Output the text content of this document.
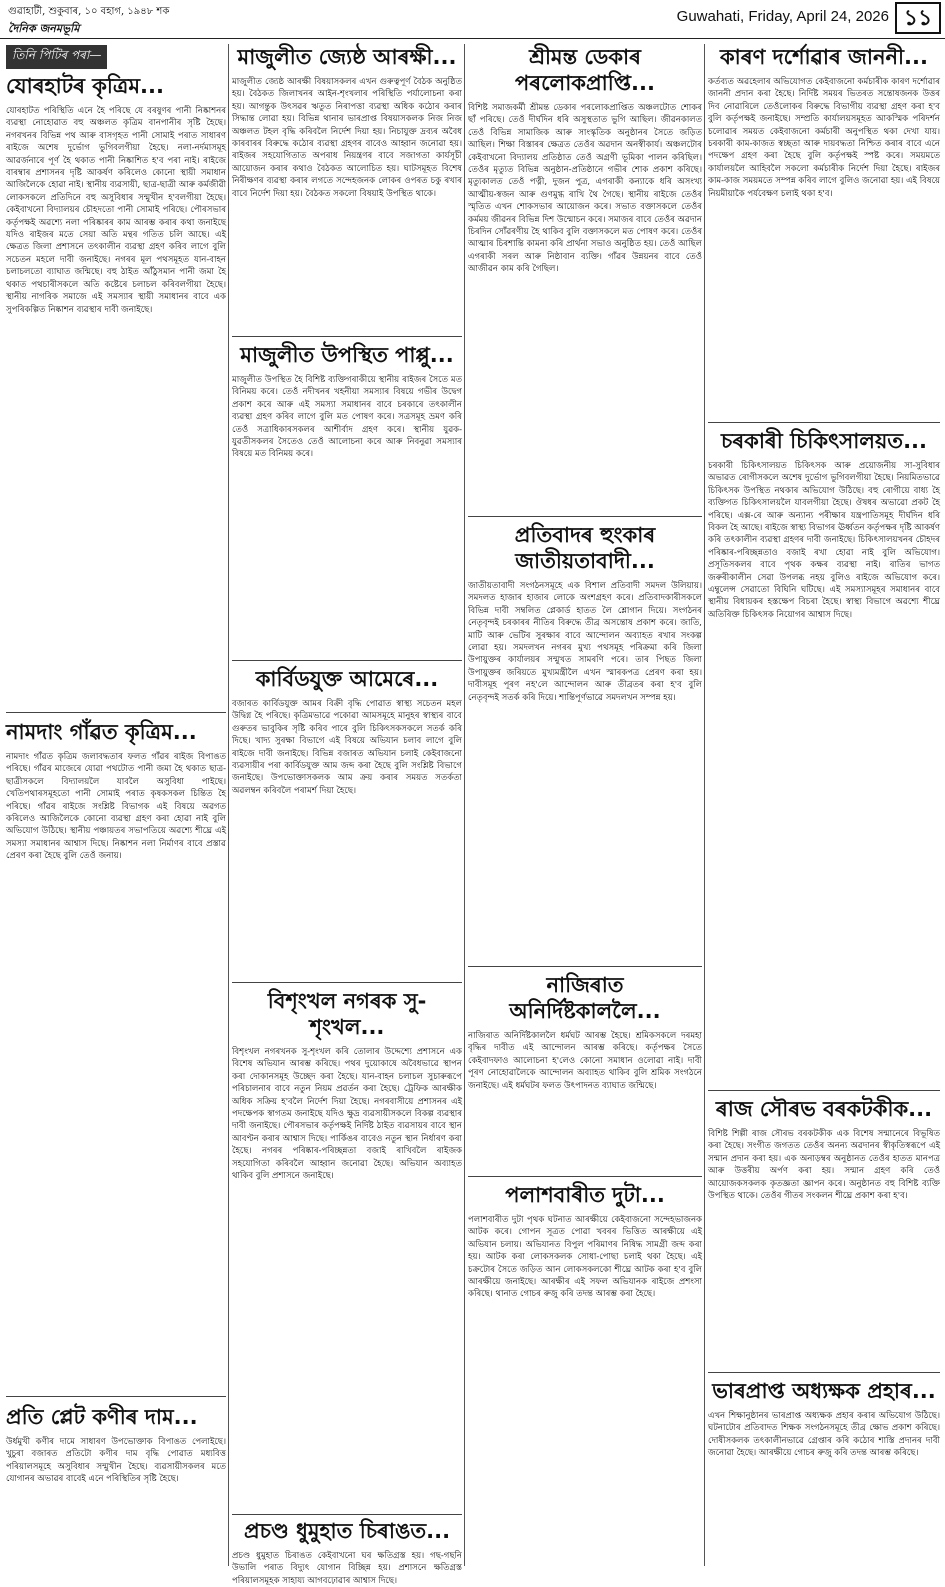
গুৱাহাটী, শুকুবাৰ, ১০ বহাগ, ১৯৪৮ শক
দৈনিক জনমভূমি
Guwahati, Friday, April 24, 2026 ১১
তিনি পিটিৰ পৰা—
যোৰহাটৰ কৃত্ৰিম...
যোৰহাটত পৰিস্থিতি এনে হৈ পৰিছে যে বৰষুণৰ পানী নিষ্কাশনৰ ব্যৱস্থা নোহোৱাত বহু অঞ্চলত কৃত্ৰিম বানপানীৰ সৃষ্টি হৈছে। নগৰখনৰ বিভিন্ন পথ আৰু বাসগৃহত পানী সোমাই পৰাত সাধাৰণ ৰাইজে অশেষ দুৰ্ভোগ ভুগিবলগীয়া হৈছে। নলা-নৰ্দমাসমূহ আৱৰ্জনাৰে পূৰ্ণ হৈ থকাত পানী নিষ্কাশিত হ'ব পৰা নাই। ৰাইজে বাৰম্বাৰ প্ৰশাসনৰ দৃষ্টি আকৰ্ষণ কৰিলেও কোনো স্থায়ী সমাধান আজিলৈকে হোৱা নাই। স্থানীয় ব্যৱসায়ী, ছাত্ৰ-ছাত্ৰী আৰু কৰ্মজীৱী লোকসকলে প্ৰতিদিনে বহু অসুবিধাৰ সন্মুখীন হ'বলগীয়া হৈছে। কেইবাখনো বিদ্যালয়ৰ চৌহদতো পানী সোমাই পৰিছে। পৌৰসভাৰ কৰ্তৃপক্ষই অৱশ্যে নলা পৰিষ্কাৰৰ কাম আৰম্ভ কৰাৰ কথা জনাইছে যদিও ৰাইজৰ মতে সেয়া অতি মন্থৰ গতিত চলি আছে। এই ক্ষেত্ৰত জিলা প্ৰশাসনে তৎকালীন ব্যৱস্থা গ্ৰহণ কৰিব লাগে বুলি সচেতন মহলে দাবী জনাইছে। নগৰৰ মূল পথসমূহত যান-বাহন চলাচলতো ব্যাঘাত জন্মিছে। বহু ঠাইত আঁঠুসমান পানী জমা হৈ থকাত পথচাৰীসকলে অতি কষ্টেৰে চলাচল কৰিবলগীয়া হৈছে। স্থানীয় নাগৰিক সমাজে এই সমস্যাৰ স্থায়ী সমাধানৰ বাবে এক সুপৰিকল্পিত নিষ্কাশন ব্যৱস্থাৰ দাবী জনাইছে।
নামদাং গাঁৱত কৃত্ৰিম...
নামদাং গাঁৱত কৃত্ৰিম জলাবদ্ধতাৰ ফলত গাঁৱৰ ৰাইজ বিপাঙত পৰিছে। গাঁৱৰ মাজেৰে যোৱা পথটোত পানী জমা হৈ থকাত ছাত্ৰ-ছাত্ৰীসকলে বিদ্যালয়লৈ যাবলৈ অসুবিধা পাইছে। খেতিপথাৰসমূহতো পানী সোমাই পৰাত কৃষকসকল চিন্তিত হৈ পৰিছে। গাঁৱৰ ৰাইজে সংশ্লিষ্ট বিভাগক এই বিষয়ে অৱগত কৰিলেও আজিলৈকে কোনো ব্যৱস্থা গ্ৰহণ কৰা হোৱা নাই বুলি অভিযোগ উঠিছে। স্থানীয় পঞ্চায়তৰ সভাপতিয়ে অৱশ্যে শীঘ্ৰে এই সমস্যা সমাধানৰ আশ্বাস দিছে। নিষ্কাশন নলা নিৰ্মাণৰ বাবে প্ৰস্তাৱ প্ৰেৰণ কৰা হৈছে বুলি তেওঁ জনায়।
প্ৰতি প্লেট কণীৰ দাম...
উৰ্ধমুখী কণীৰ দামে সাধাৰণ উপভোক্তাক বিপাঙত পেলাইছে। খুচুৰা বজাৰত প্ৰতিটো কণীৰ দাম বৃদ্ধি পোৱাত মধ্যবিত্ত পৰিয়ালসমূহে অসুবিধাৰ সন্মুখীন হৈছে। ব্যৱসায়ীসকলৰ মতে যোগানৰ অভাৱৰ বাবেই এনে পৰিস্থিতিৰ সৃষ্টি হৈছে।
মাজুলীত জ্যেষ্ঠ আৰক্ষী...
মাজুলীত জ্যেষ্ঠ আৰক্ষী বিষয়াসকলৰ এখন গুৰুত্বপূৰ্ণ বৈঠক অনুষ্ঠিত হয়। বৈঠকত জিলাখনৰ আইন-শৃংখলাৰ পৰিস্থিতি পৰ্যালোচনা কৰা হয়। আগন্তুক উৎসৱৰ ঋতুত নিৰাপত্তা ব্যৱস্থা অধিক কঠোৰ কৰাৰ সিদ্ধান্ত লোৱা হয়। বিভিন্ন থানাৰ ভাৰপ্ৰাপ্ত বিষয়াসকলক নিজ নিজ অঞ্চলত টহল বৃদ্ধি কৰিবলৈ নিৰ্দেশ দিয়া হয়। নিচাযুক্ত দ্ৰব্যৰ অবৈধ কাৰবাৰৰ বিৰুদ্ধে কঠোৰ ব্যৱস্থা গ্ৰহণৰ বাবেও আহ্বান জনোৱা হয়। ৰাইজৰ সহযোগিতাত অপৰাধ নিয়ন্ত্ৰণৰ বাবে সজাগতা কাৰ্যসূচী আয়োজন কৰাৰ কথাও বৈঠকত আলোচিত হয়। ঘাটসমূহত বিশেষ নিৰীক্ষণৰ ব্যৱস্থা কৰাৰ লগতে সন্দেহজনক লোকৰ ওপৰত চকু ৰখাৰ বাবে নিৰ্দেশ দিয়া হয়। বৈঠকত সকলো বিষয়াই উপস্থিত থাকে।
মাজুলীত উপস্থিত পাপ্পু...
মাজুলীত উপস্থিত হৈ বিশিষ্ট ব্যক্তিগৰাকীয়ে স্থানীয় ৰাইজৰ সৈতে মত বিনিময় কৰে। তেওঁ নদীখনৰ খহনীয়া সমস্যাৰ বিষয়ে গভীৰ উদ্বেগ প্ৰকাশ কৰে আৰু এই সমস্যা সমাধানৰ বাবে চৰকাৰে তৎকালীন ব্যৱস্থা গ্ৰহণ কৰিব লাগে বুলি মত পোষণ কৰে। সত্ৰসমূহ ভ্ৰমণ কৰি তেওঁ সত্ৰাধিকাৰসকলৰ আশীৰ্বাদ গ্ৰহণ কৰে। স্থানীয় যুৱক-যুৱতীসকলৰ সৈতেও তেওঁ আলোচনা কৰে আৰু নিবনুৱা সমস্যাৰ বিষয়ে মত বিনিময় কৰে।
কাৰ্বিডযুক্ত আমেৰে...
বজাৰত কাৰ্বিডযুক্ত আমৰ বিক্ৰী বৃদ্ধি পোৱাত স্বাস্থ্য সচেতন মহল উদ্বিগ্ন হৈ পৰিছে। কৃত্ৰিমভাৱে পকোৱা আমসমূহে মানুহৰ স্বাস্থ্যৰ বাবে গুৰুতৰ ভাবুকিৰ সৃষ্টি কৰিব পাৰে বুলি চিকিৎসকসকলে সতৰ্ক কৰি দিছে। খাদ্য সুৰক্ষা বিভাগে এই বিষয়ে অভিযান চলাব লাগে বুলি ৰাইজে দাবী জনাইছে। বিভিন্ন বজাৰত অভিযান চলাই কেইবাজনো ব্যৱসায়ীৰ পৰা কাৰ্বিডযুক্ত আম জব্দ কৰা হৈছে বুলি সংশ্লিষ্ট বিভাগে জনাইছে। উপভোক্তাসকলক আম ক্ৰয় কৰাৰ সময়ত সতৰ্কতা অৱলম্বন কৰিবলৈ পৰামৰ্শ দিয়া হৈছে।
বিশৃংখল নগৰক সু-শৃংখল...
বিশৃংখল নগৰখনক সু-শৃংখল কৰি তোলাৰ উদ্দেশ্যে প্ৰশাসনে এক বিশেষ অভিযান আৰম্ভ কৰিছে। পথৰ দুয়োকাষে অবৈধভাৱে স্থাপন কৰা দোকানসমূহ উচ্ছেদ কৰা হৈছে। যান-বাহন চলাচল সুচাৰুৰূপে পৰিচালনাৰ বাবে নতুন নিয়ম প্ৰৱৰ্তন কৰা হৈছে। ট্ৰেফিক আৰক্ষীক অধিক সক্ৰিয় হ'বলৈ নিৰ্দেশ দিয়া হৈছে। নগৰবাসীয়ে প্ৰশাসনৰ এই পদক্ষেপক স্বাগতম জনাইছে যদিও ক্ষুদ্ৰ ব্যৱসায়ীসকলে বিকল্প ব্যৱস্থাৰ দাবী জনাইছে। পৌৰসভাৰ কৰ্তৃপক্ষই নিৰ্দিষ্ট ঠাইত ব্যৱসায়ৰ বাবে স্থান আবণ্টন কৰাৰ আশ্বাস দিছে। পাৰ্কিঙৰ বাবেও নতুন স্থান নিৰ্ধাৰণ কৰা হৈছে। নগৰৰ পৰিষ্কাৰ-পৰিচ্ছন্নতা বজাই ৰাখিবলৈ ৰাইজক সহযোগিতা কৰিবলৈ আহ্বান জনোৱা হৈছে। অভিযান অব্যাহত থাকিব বুলি প্ৰশাসনে জনাইছে।
প্ৰচণ্ড ধুমুহাত চিৰাঙত...
প্ৰচণ্ড ধুমুহাত চিৰাঙত কেইবাখনো ঘৰ ক্ষতিগ্ৰস্ত হয়। গছ-গছনি উভালি পৰাত বিদ্যুৎ যোগান বিচ্ছিন্ন হয়। প্ৰশাসনে ক্ষতিগ্ৰস্ত পৰিয়ালসমূহক সাহায্য আগবঢ়োৱাৰ আশ্বাস দিছে।
শ্ৰীমন্ত ডেকাৰ পৰলোকপ্ৰাপ্তি...
বিশিষ্ট সমাজকৰ্মী শ্ৰীমন্ত ডেকাৰ পৰলোকপ্ৰাপ্তিত অঞ্চলটোত শোকৰ ছাঁ পৰিছে। তেওঁ দীৰ্ঘদিন ধৰি অসুস্থতাত ভুগি আছিল। জীৱনকালত তেওঁ বিভিন্ন সামাজিক আৰু সাংস্কৃতিক অনুষ্ঠানৰ সৈতে জড়িত আছিল। শিক্ষা বিস্তাৰৰ ক্ষেত্ৰত তেওঁৰ অৱদান অনস্বীকাৰ্য। অঞ্চলটোৰ কেইবাখনো বিদ্যালয় প্ৰতিষ্ঠাত তেওঁ অগ্ৰণী ভূমিকা পালন কৰিছিল। তেওঁৰ মৃত্যুত বিভিন্ন অনুষ্ঠান-প্ৰতিষ্ঠানে গভীৰ শোক প্ৰকাশ কৰিছে। মৃত্যুকালত তেওঁ পত্নী, দুজন পুত্ৰ, এগৰাকী কন্যাকে ধৰি অসংখ্য আত্মীয়-স্বজন আৰু গুণমুগ্ধ ৰাখি থৈ গৈছে। স্থানীয় ৰাইজে তেওঁৰ স্মৃতিত এখন শোকসভাৰ আয়োজন কৰে। সভাত বক্তাসকলে তেওঁৰ কৰ্মময় জীৱনৰ বিভিন্ন দিশ উন্মোচন কৰে। সমাজৰ বাবে তেওঁৰ অৱদান চিৰদিন সোঁৱৰণীয় হৈ থাকিব বুলি বক্তাসকলে মত পোষণ কৰে। তেওঁৰ আত্মাৰ চিৰশান্তি কামনা কৰি প্ৰাৰ্থনা সভাও অনুষ্ঠিত হয়। তেওঁ আছিল এগৰাকী সৰল আৰু নিষ্ঠাবান ব্যক্তি। গাঁৱৰ উন্নয়নৰ বাবে তেওঁ আজীৱন কাম কৰি গৈছিল।
প্ৰতিবাদৰ হুংকাৰ জাতীয়তাবাদী...
জাতীয়তাবাদী সংগঠনসমূহে এক বিশাল প্ৰতিবাদী সমদল উলিয়ায়। সমদলত হাজাৰ হাজাৰ লোকে অংশগ্ৰহণ কৰে। প্ৰতিবাদকাৰীসকলে বিভিন্ন দাবী সম্বলিত প্লেকাৰ্ড হাতত লৈ শ্লোগান দিয়ে। সংগঠনৰ নেতৃবৃন্দই চৰকাৰৰ নীতিৰ বিৰুদ্ধে তীব্ৰ অসন্তোষ প্ৰকাশ কৰে। জাতি, মাটি আৰু ভেটিৰ সুৰক্ষাৰ বাবে আন্দোলন অব্যাহত ৰখাৰ সংকল্প লোৱা হয়। সমদলখন নগৰৰ মুখ্য পথসমূহ পৰিক্ৰমা কৰি জিলা উপায়ুক্তৰ কাৰ্যালয়ৰ সন্মুখত সামৰণি পৰে। তাৰ পিছত জিলা উপায়ুক্তৰ জৰিয়তে মুখ্যমন্ত্ৰীলৈ এখন স্মাৰকপত্ৰ প্ৰেৰণ কৰা হয়। দাবীসমূহ পূৰণ নহ'লে আন্দোলন আৰু তীব্ৰতৰ কৰা হ'ব বুলি নেতৃবৃন্দই সতৰ্ক কৰি দিয়ে। শান্তিপূৰ্ণভাৱে সমদলখন সম্পন্ন হয়।
নাজিৰাত অনিৰ্দিষ্টকাললৈ...
নাজিৰাত অনিৰ্দিষ্টকাললৈ ধৰ্মঘট আৰম্ভ হৈছে। শ্ৰমিকসকলে দৰমহা বৃদ্ধিৰ দাবীত এই আন্দোলন আৰম্ভ কৰিছে। কৰ্তৃপক্ষৰ সৈতে কেইবাদফাও আলোচনা হ'লেও কোনো সমাধান ওলোৱা নাই। দাবী পূৰণ নোহোৱালৈকে আন্দোলন অব্যাহত থাকিব বুলি শ্ৰমিক সংগঠনে জনাইছে। এই ধৰ্মঘটৰ ফলত উৎপাদনত ব্যাঘাত জন্মিছে।
পলাশবাৰীত দুটা...
পলাশবাৰীত দুটা পৃথক ঘটনাত আৰক্ষীয়ে কেইবাজনো সন্দেহভাজনক আটক কৰে। গোপন সূত্ৰত পোৱা খবৰৰ ভিত্তিত আৰক্ষীয়ে এই অভিযান চলায়। অভিযানত বিপুল পৰিমাণৰ নিষিদ্ধ সামগ্ৰী জব্দ কৰা হয়। আটক কৰা লোকসকলক সোধা-পোছা চলাই থকা হৈছে। এই চক্ৰটোৰ সৈতে জড়িত আন লোকসকলকো শীঘ্ৰে আটক কৰা হ'ব বুলি আৰক্ষীয়ে জনাইছে। আৰক্ষীৰ এই সফল অভিযানক ৰাইজে প্ৰশংসা কৰিছে। থানাত গোচৰ ৰুজু কৰি তদন্ত আৰম্ভ কৰা হৈছে।
কাৰণ দৰ্শোৱাৰ জাননী...
কৰ্তব্যত অৱহেলাৰ অভিযোগত কেইবাজনো কৰ্মচাৰীক কাৰণ দৰ্শোৱাৰ জাননী প্ৰদান কৰা হৈছে। নিৰ্দিষ্ট সময়ৰ ভিতৰত সন্তোষজনক উত্তৰ দিব নোৱাৰিলে তেওঁলোকৰ বিৰুদ্ধে বিভাগীয় ব্যৱস্থা গ্ৰহণ কৰা হ'ব বুলি কৰ্তৃপক্ষই জনাইছে। সম্প্ৰতি কাৰ্যালয়সমূহত আকস্মিক পৰিদৰ্শন চলোৱাৰ সময়ত কেইবাজনো কৰ্মচাৰী অনুপস্থিত থকা দেখা যায়। চৰকাৰী কাম-কাজত স্বচ্ছতা আৰু দায়বদ্ধতা নিশ্চিত কৰাৰ বাবে এনে পদক্ষেপ গ্ৰহণ কৰা হৈছে বুলি কৰ্তৃপক্ষই স্পষ্ট কৰে। সময়মতে কাৰ্যালয়লৈ আহিবলৈ সকলো কৰ্মচাৰীক নিৰ্দেশ দিয়া হৈছে। ৰাইজৰ কাম-কাজ সময়মতে সম্পন্ন কৰিব লাগে বুলিও জনোৱা হয়। এই বিষয়ে নিয়মীয়াকৈ পৰ্যবেক্ষণ চলাই থকা হ'ব।
চৰকাৰী চিকিৎসালয়ত...
চৰকাৰী চিকিৎসালয়ত চিকিৎসক আৰু প্ৰয়োজনীয় সা-সুবিধাৰ অভাৱত ৰোগীসকলে অশেষ দুৰ্ভোগ ভুগিবলগীয়া হৈছে। নিয়মিতভাৱে চিকিৎসক উপস্থিত নথকাৰ অভিযোগ উঠিছে। বহু ৰোগীয়ে বাধ্য হৈ ব্যক্তিগত চিকিৎসালয়লৈ যাবলগীয়া হৈছে। ঔষধৰ অভাৱো প্ৰকট হৈ পৰিছে। এক্স-ৰে আৰু অন্যান্য পৰীক্ষাৰ যন্ত্ৰপাতিসমূহ দীৰ্ঘদিন ধৰি বিকল হৈ আছে। ৰাইজে স্বাস্থ্য বিভাগৰ ঊৰ্ধ্বতন কৰ্তৃপক্ষৰ দৃষ্টি আকৰ্ষণ কৰি তৎকালীন ব্যৱস্থা গ্ৰহণৰ দাবী জনাইছে। চিকিৎসালয়খনৰ চৌহদৰ পৰিষ্কাৰ-পৰিচ্ছন্নতাও বজাই ৰখা হোৱা নাই বুলি অভিযোগ। প্ৰসূতিসকলৰ বাবে পৃথক কক্ষৰ ব্যৱস্থা নাই। ৰাতিৰ ভাগত জৰুৰীকালীন সেৱা উপলব্ধ নহয় বুলিও ৰাইজে অভিযোগ কৰে। এম্বুলেন্স সেৱাতো বিঘিনি ঘটিছে। এই সমস্যাসমূহৰ সমাধানৰ বাবে স্থানীয় বিধায়কৰ হস্তক্ষেপ বিচৰা হৈছে। স্বাস্থ্য বিভাগে অৱশ্যে শীঘ্ৰে অতিৰিক্ত চিকিৎসক নিয়োগৰ আশ্বাস দিছে।
ৰাজ সৌৰভ বৰকটকীক...
বিশিষ্ট শিল্পী ৰাজ সৌৰভ বৰকটকীক এক বিশেষ সন্মানেৰে বিভূষিত কৰা হৈছে। সংগীত জগতত তেওঁৰ অনন্য অৱদানৰ স্বীকৃতিস্বৰূপে এই সন্মান প্ৰদান কৰা হয়। এক অনাড়ম্বৰ অনুষ্ঠানত তেওঁৰ হাতত মানপত্ৰ আৰু উত্তৰীয় অৰ্পণ কৰা হয়। সন্মান গ্ৰহণ কৰি তেওঁ আয়োজকসকলক কৃতজ্ঞতা জ্ঞাপন কৰে। অনুষ্ঠানত বহু বিশিষ্ট ব্যক্তি উপস্থিত থাকে। তেওঁৰ গীতৰ সংকলন শীঘ্ৰে প্ৰকাশ কৰা হ'ব।
ভাৰপ্ৰাপ্ত অধ্যক্ষক প্ৰহাৰ...
এখন শিক্ষানুষ্ঠানৰ ভাৰপ্ৰাপ্ত অধ্যক্ষক প্ৰহাৰ কৰাৰ অভিযোগ উঠিছে। ঘটনাটোৰ প্ৰতিবাদত শিক্ষক সংগঠনসমূহে তীব্ৰ ক্ষোভ প্ৰকাশ কৰিছে। দোষীসকলক তৎকালীনভাৱে গ্ৰেপ্তাৰ কৰি কঠোৰ শাস্তি প্ৰদানৰ দাবী জনোৱা হৈছে। আৰক্ষীয়ে গোচৰ ৰুজু কৰি তদন্ত আৰম্ভ কৰিছে।
